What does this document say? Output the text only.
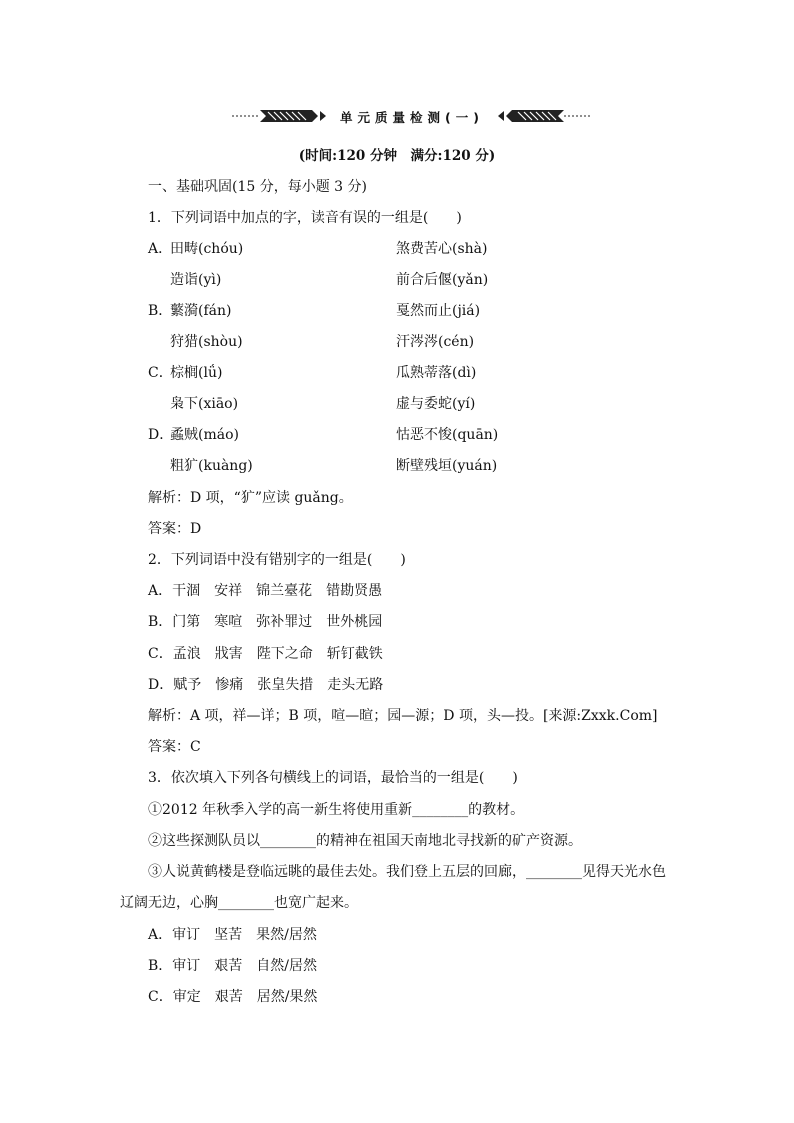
单元质量检测(一)
(时间:120 分钟　满分:120 分)
一、基础巩固(15 分，每小题 3 分)
1．下列词语中加点的字，读音有误的一组是(　　)
A．
田畴(chóu)	煞费苦心(shà)
造诣(yì)	前合后偃(yǎn)
B．
蘩漪(fán)	戛然而止(jiá)
狩猎(shòu)	汗涔涔(cén)
C．
棕榈(lǘ)	瓜熟蒂落(dì)
枭下(xiāo)	虚与委蛇(yí)
D．
蟊贼(máo)	怙恶不悛(quān)
粗犷(kuàng)	断壁残垣(yuán)
解析：D 项，“犷”应读 guǎng。
答案：D
2．下列词语中没有错别字的一组是(　　)
A．干涸　安祥　锦兰臺花　错勘贤愚
B．门第　寒喧　弥补罪过　世外桃园
C．孟浪　戕害　陛下之命　斩钉截铁
D．赋予　惨痛　张皇失措　走头无路
解析：A 项，祥—详；B 项，喧—暄；园—源；D 项，头—投。[来源:Zxxk.Com]
答案：C
3．依次填入下列各句横线上的词语，最恰当的一组是(　　)
①2012 年秋季入学的高一新生将使用重新________的教材。
②这些探测队员以________的精神在祖国天南地北寻找新的矿产资源。
③人说黄鹤楼是登临远眺的最佳去处。我们登上五层的回廊，________见得天光水色
辽阔无边，心胸________也宽广起来。
A．审订　坚苦　果然/居然
B．审订　艰苦　自然/居然
C．审定　艰苦　居然/果然
